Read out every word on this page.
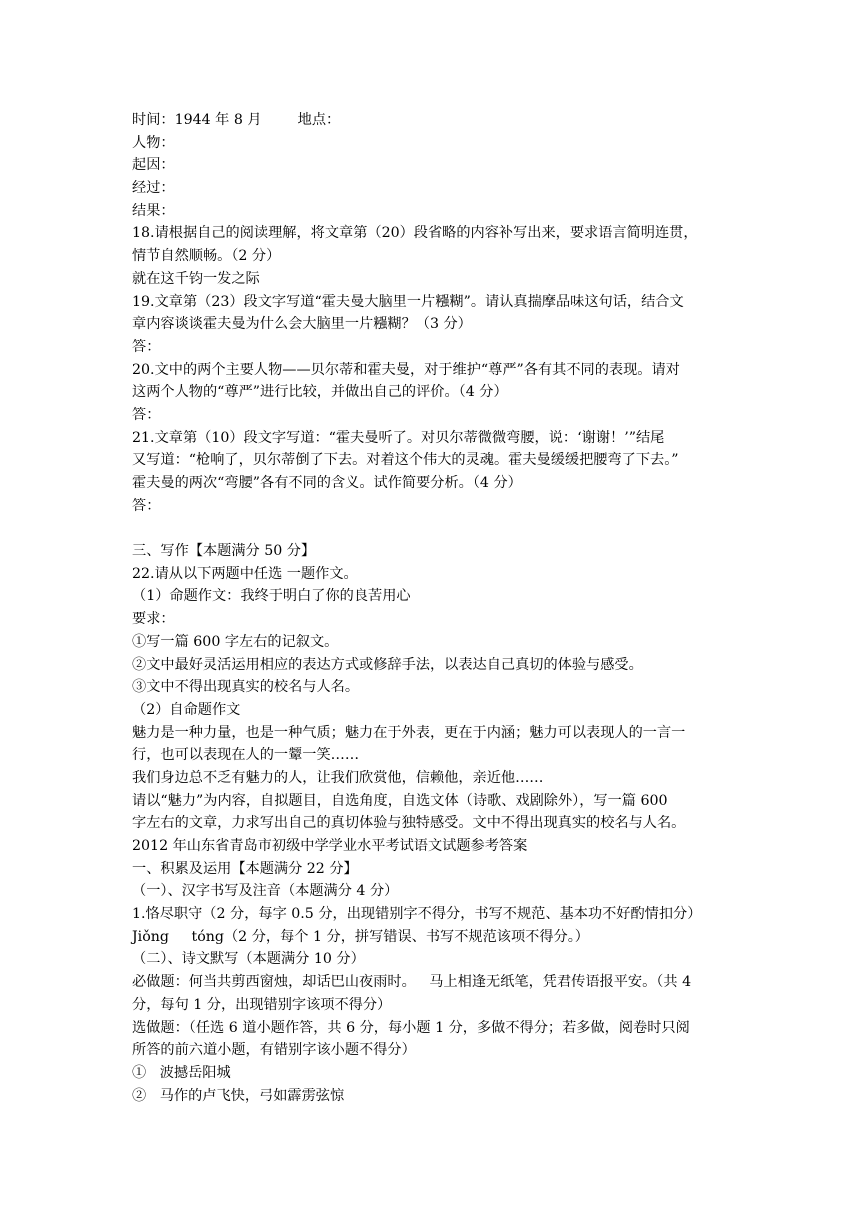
时间：1944 年 8 月        地点：
人物：
起因：
经过：
结果：
18.请根据自己的阅读理解，将文章第（20）段省略的内容补写出来，要求语言简明连贯，
情节自然顺畅。（2 分）
就在这千钧一发之际
19.文章第（23）段文字写道“霍夫曼大脑里一片糨糊”。请认真揣摩品味这句话，结合文
章内容谈谈霍夫曼为什么会大脑里一片糨糊？（3 分）
答：
20.文中的两个主要人物——贝尔蒂和霍夫曼，对于维护“尊严”各有其不同的表现。请对
这两个人物的“尊严”进行比较，并做出自己的评价。（4 分）
答：
21.文章第（10）段文字写道：“霍夫曼听了。对贝尔蒂微微弯腰，说：‘谢谢！’”结尾
又写道：“枪响了，贝尔蒂倒了下去。对着这个伟大的灵魂。霍夫曼缓缓把腰弯了下去。”
霍夫曼的两次“弯腰”各有不同的含义。试作简要分析。（4 分）
答：
三、写作【本题满分 50 分】
22.请从以下两题中任选 一题作文。
（1）命题作文：我终于明白了你的良苦用心
要求：
①写一篇 600 字左右的记叙文。
②文中最好灵活运用相应的表达方式或修辞手法，以表达自己真切的体验与感受。
③文中不得出现真实的校名与人名。
（2）自命题作文
魅力是一种力量，也是一种气质；魅力在于外表，更在于内涵；魅力可以表现人的一言一
行，也可以表现在人的一颦一笑……
我们身边总不乏有魅力的人，让我们欣赏他，信赖他，亲近他……
请以“魅力”为内容，自拟题目，自选角度，自选文体（诗歌、戏剧除外），写一篇 600
字左右的文章，力求写出自己的真切体验与独特感受。文中不得出现真实的校名与人名。
2012 年山东省青岛市初级中学学业水平考试语文试题参考答案
一、积累及运用【本题满分 22 分】
（一）、汉字书写及注音（本题满分 4 分）
1.恪尽职守（2 分，每字 0.5 分，出现错别字不得分，书写不规范、基本功不好酌情扣分）
Jiǒng     tóng（2 分，每个 1 分，拼写错误、书写不规范该项不得分。）
（二）、诗文默写（本题满分 10 分）
必做题：何当共剪西窗烛，却话巴山夜雨时。   马上相逢无纸笔，凭君传语报平安。（共 4
分，每句 1 分，出现错别字该项不得分）
选做题：（任选 6 道小题作答，共 6 分，每小题 1 分，多做不得分；若多做，阅卷时只阅
所答的前六道小题，有错别字该小题不得分）
①   波撼岳阳城
②   马作的卢飞快，弓如霹雳弦惊
